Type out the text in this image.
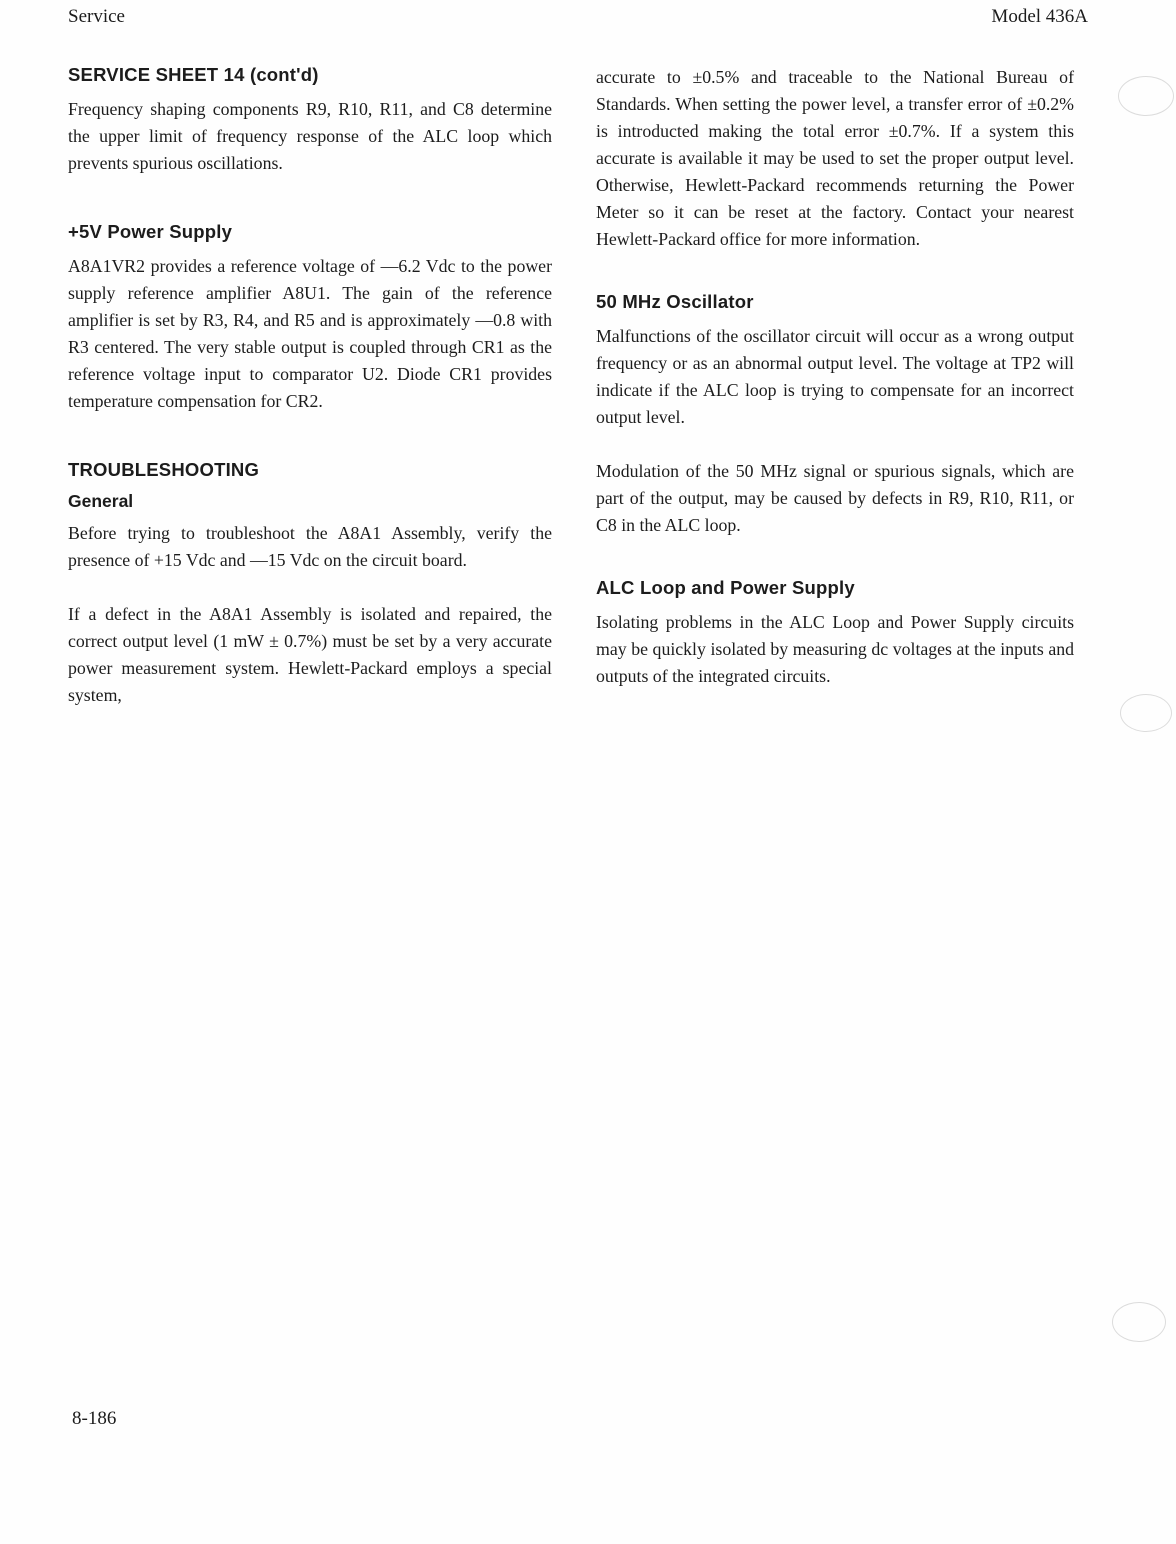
Service	Model 436A
SERVICE SHEET 14 (cont'd)

Frequency shaping components R9, R10, R11, and C8 determine the upper limit of frequency response of the ALC loop which prevents spurious oscillations.

+5V Power Supply

A8A1VR2 provides a reference voltage of —6.2 Vdc to the power supply reference amplifier A8U1. The gain of the reference amplifier is set by R3, R4, and R5 and is approximately —0.8 with R3 centered. The very stable output is coupled through CR1 as the reference voltage input to comparator U2. Diode CR1 provides temperature compensation for CR2.

TROUBLESHOOTING
General

Before trying to troubleshoot the A8A1 Assembly, verify the presence of +15 Vdc and —15 Vdc on the circuit board.

If a defect in the A8A1 Assembly is isolated and repaired, the correct output level (1 mW ± 0.7%) must be set by a very accurate power measurement system. Hewlett-Packard employs a special system,

accurate to ±0.5% and traceable to the National Bureau of Standards. When setting the power level, a transfer error of ±0.2% is introducted making the total error ±0.7%. If a system this accurate is available it may be used to set the proper output level. Otherwise, Hewlett-Packard recommends returning the Power Meter so it can be reset at the factory. Contact your nearest Hewlett-Packard office for more information.

50 MHz Oscillator

Malfunctions of the oscillator circuit will occur as a wrong output frequency or as an abnormal output level. The voltage at TP2 will indicate if the ALC loop is trying to compensate for an incorrect output level.

Modulation of the 50 MHz signal or spurious signals, which are part of the output, may be caused by defects in R9, R10, R11, or C8 in the ALC loop.

ALC Loop and Power Supply

Isolating problems in the ALC Loop and Power Supply circuits may be quickly isolated by measuring dc voltages at the inputs and outputs of the integrated circuits.

8-186
